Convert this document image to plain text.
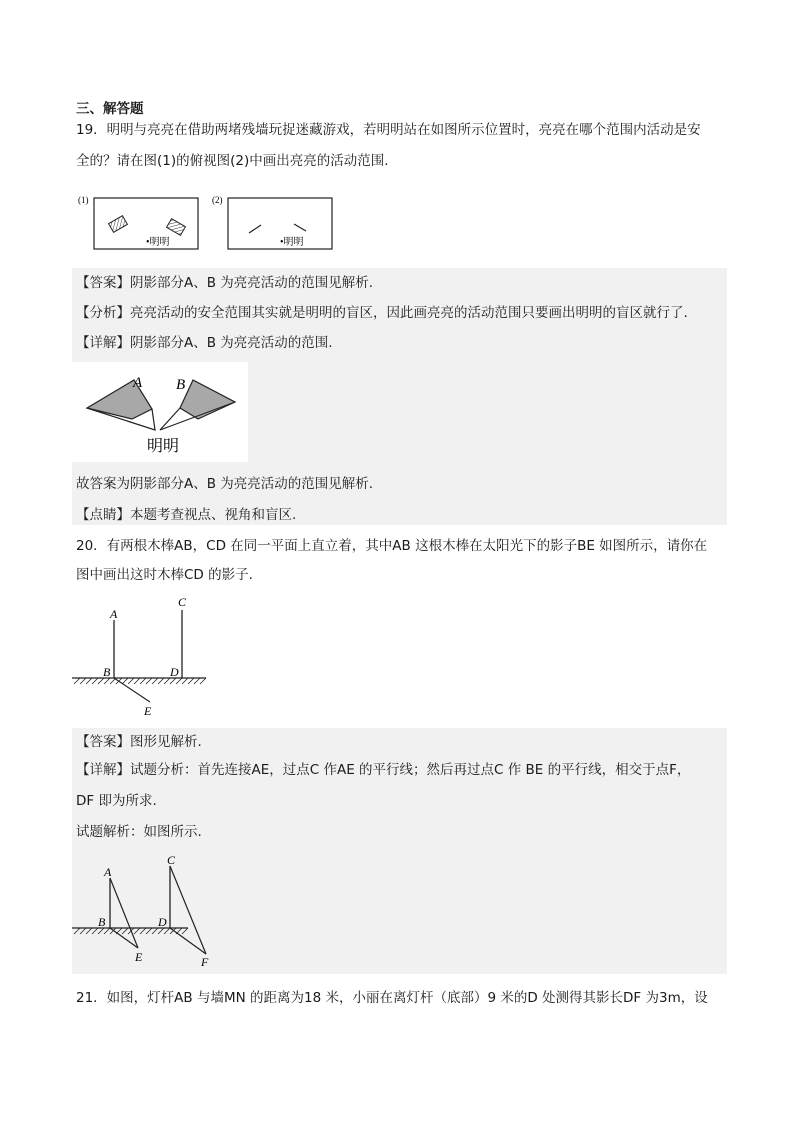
三、解答题
19．明明与亮亮在借助两堵残墙玩捉迷藏游戏，若明明站在如图所示位置时，亮亮在哪个范围内活动是安
全的？请在图(1)的俯视图(2)中画出亮亮的活动范围.
(1)
•明明
(2)
•明明
【答案】阴影部分A、B 为亮亮活动的范围见解析.
【分析】亮亮活动的安全范围其实就是明明的盲区，因此画亮亮的活动范围只要画出明明的盲区就行了.
【详解】阴影部分A、B 为亮亮活动的范围.
A B
明明
故答案为阴影部分A、B 为亮亮活动的范围见解析.
【点睛】本题考查视点、视角和盲区.
20．有两根木棒AB，CD 在同一平面上直立着，其中AB 这根木棒在太阳光下的影子BE 如图所示，请你在
图中画出这时木棒CD 的影子.
A
B
C
D
E
【答案】图形见解析.
【详解】试题分析：首先连接AE，过点C 作AE 的平行线；然后再过点C 作 BE 的平行线，相交于点F，
DF 即为所求.
试题解析：如图所示.
A
B
C
D
E	F
21．如图，灯杆AB 与墙MN 的距离为18 米，小丽在离灯杆（底部）9 米的D 处测得其影长DF 为3m，设
